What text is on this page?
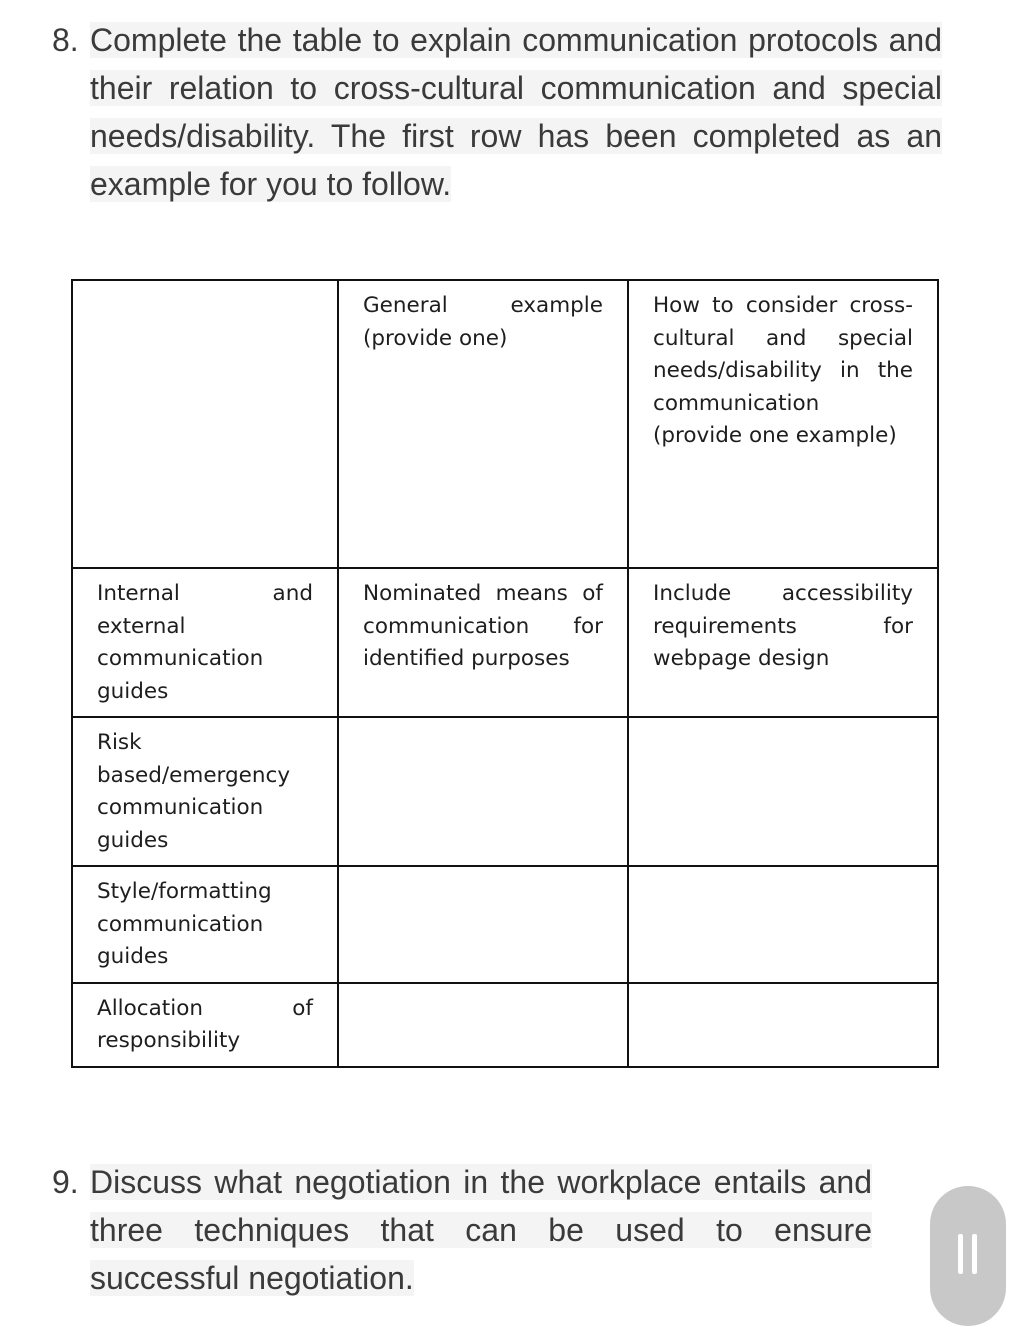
8. Complete the table to explain communication protocols and their relation to cross-cultural communication and special needs/disability. The first row has been completed as an example for you to follow.
	General example (provide one)	How to consider cross-cultural and special needs/disability in the communication (provide one example)
Internal and external communication guides	Nominated means of communication for identified purposes	Include accessibility requirements for webpage design
Risk based/emergency communication guides		
Style/formatting communication guides		
Allocation of responsibility		
9. Discuss what negotiation in the workplace entails and three techniques that can be used to ensure successful negotiation.
